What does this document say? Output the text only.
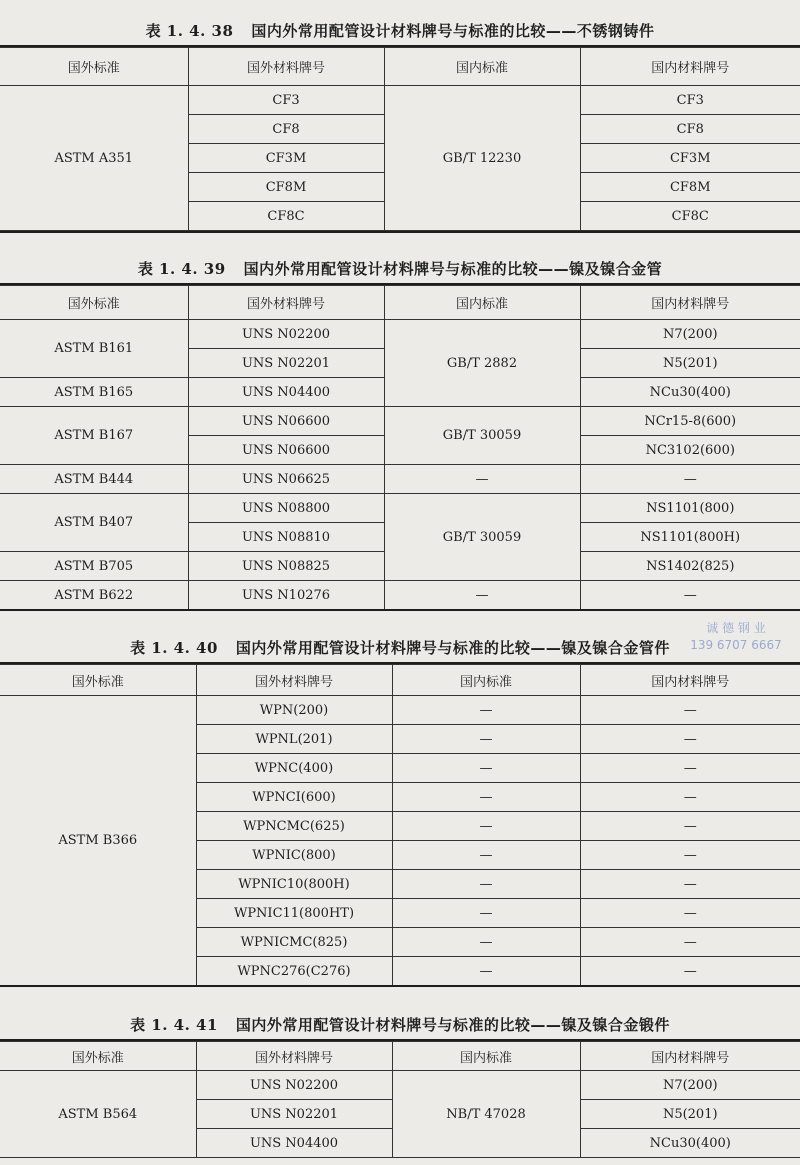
表 1. 4. 38 国内外常用配管设计材料牌号与标准的比较——不锈钢铸件
国外标准	国外材料牌号	国内标准	国内材料牌号
ASTM A351	CF3	GB/T 12230	CF3
	CF8		CF8
	CF3M		CF3M
	CF8M		CF8M
	CF8C		CF8C
表 1. 4. 39 国内外常用配管设计材料牌号与标准的比较——镍及镍合金管
国外标准	国外材料牌号	国内标准	国内材料牌号
ASTM B161	UNS N02200	GB/T 2882	N7(200)
	UNS N02201		N5(201)
ASTM B165	UNS N04400		NCu30(400)
ASTM B167	UNS N06600	GB/T 30059	NCr15-8(600)
	UNS N06600		NC3102(600)
ASTM B444	UNS N06625	—	—
ASTM B407	UNS N08800	GB/T 30059	NS1101(800)
	UNS N08810		NS1101(800H)
ASTM B705	UNS N08825		NS1402(825)
ASTM B622	UNS N10276	—	—
诚 德 钢 业
139 6707 6667
表 1. 4. 40 国内外常用配管设计材料牌号与标准的比较——镍及镍合金管件
国外标准	国外材料牌号	国内标准	国内材料牌号
ASTM B366	WPN(200)	—	—
	WPNL(201)	—	—
	WPNC(400)	—	—
	WPNCI(600)	—	—
	WPNCMC(625)	—	—
	WPNIC(800)	—	—
	WPNIC10(800H)	—	—
	WPNIC11(800HT)	—	—
	WPNICMC(825)	—	—
	WPNC276(C276)	—	—
表 1. 4. 41 国内外常用配管设计材料牌号与标准的比较——镍及镍合金锻件
国外标准	国外材料牌号	国内标准	国内材料牌号
ASTM B564	UNS N02200	NB/T 47028	N7(200)
	UNS N02201		N5(201)
	UNS N04400		NCu30(400)
